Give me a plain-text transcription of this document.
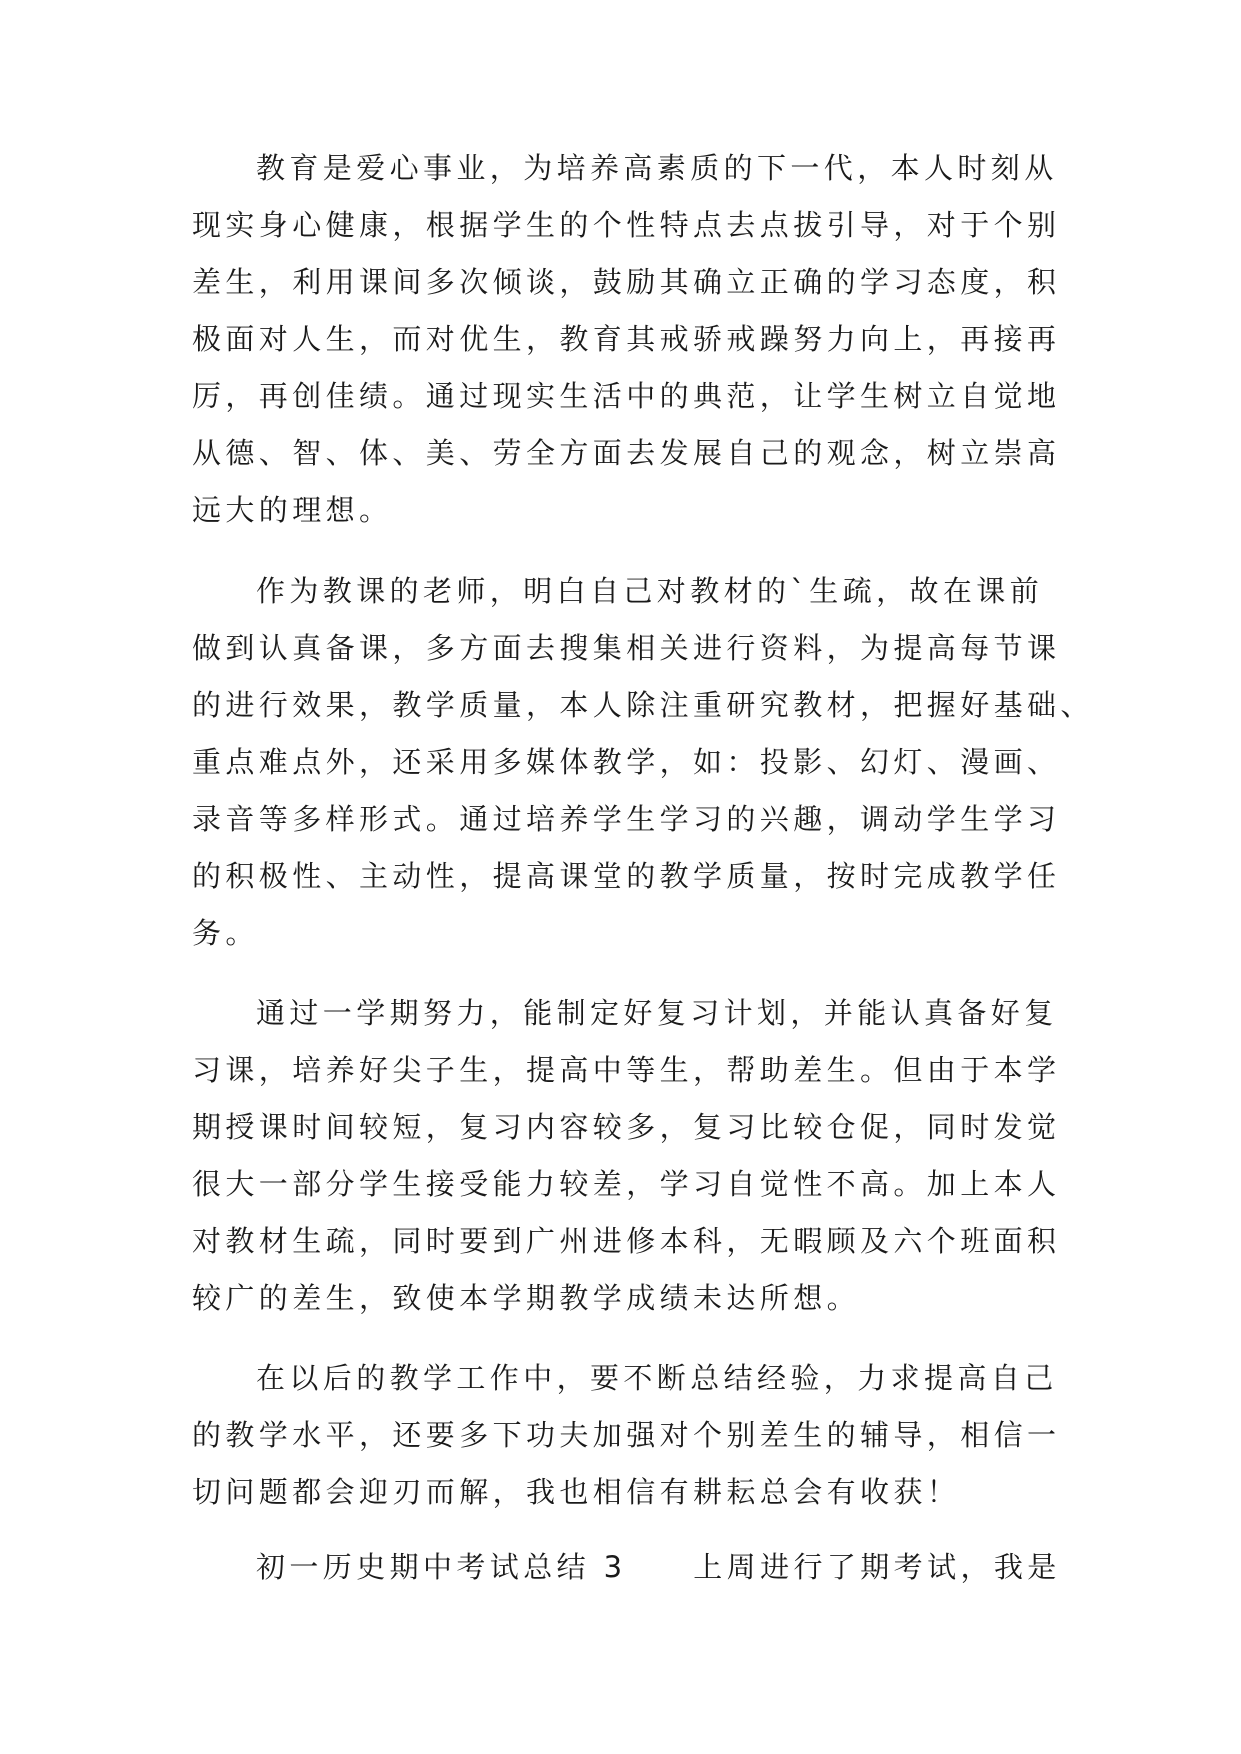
教育是爱心事业，为培养高素质的下一代，本人时刻从
现实身心健康，根据学生的个性特点去点拔引导，对于个别
差生，利用课间多次倾谈，鼓励其确立正确的学习态度，积
极面对人生，而对优生，教育其戒骄戒躁努力向上，再接再
厉，再创佳绩。通过现实生活中的典范，让学生树立自觉地
从德、智、体、美、劳全方面去发展自己的观念，树立崇高
远大的理想。
作为教课的老师，明白自己对教材的`生疏，故在课前
做到认真备课，多方面去搜集相关进行资料，为提高每节课
的进行效果，教学质量，本人除注重研究教材，把握好基础、
重点难点外，还采用多媒体教学，如：投影、幻灯、漫画、
录音等多样形式。通过培养学生学习的兴趣，调动学生学习
的积极性、主动性，提高课堂的教学质量，按时完成教学任
务。
通过一学期努力，能制定好复习计划，并能认真备好复
习课，培养好尖子生，提高中等生，帮助差生。但由于本学
期授课时间较短，复习内容较多，复习比较仓促，同时发觉
很大一部分学生接受能力较差，学习自觉性不高。加上本人
对教材生疏，同时要到广州进修本科，无暇顾及六个班面积
较广的差生，致使本学期教学成绩未达所想。
在以后的教学工作中，要不断总结经验，力求提高自己
的教学水平，还要多下功夫加强对个别差生的辅导，相信一
切问题都会迎刃而解，我也相信有耕耘总会有收获！
初一历史期中考试总结 3　　上周进行了期考试，我是
